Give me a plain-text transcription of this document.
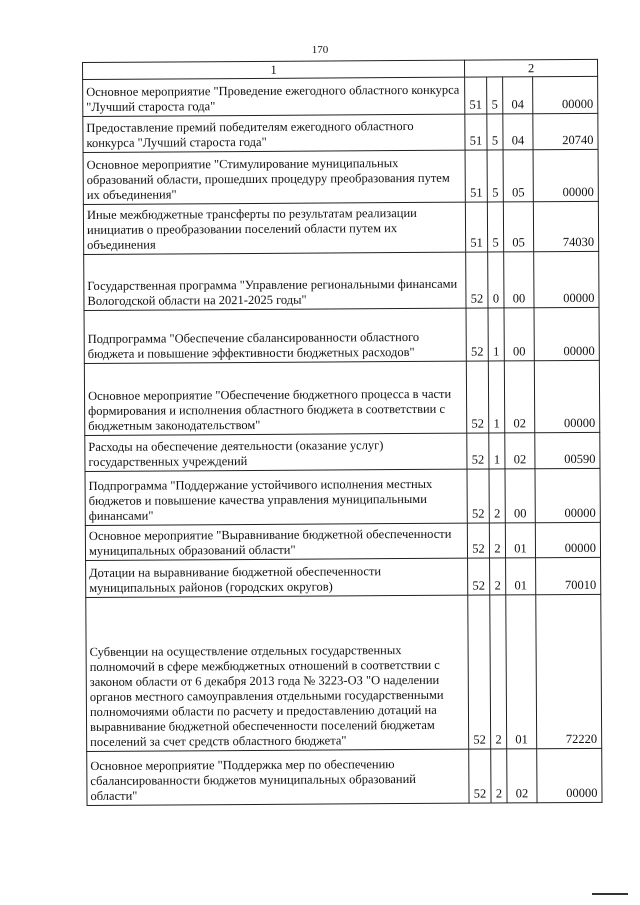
170
1	2			
Основное мероприятие "Проведение ежегодного областного конкурса "Лучший староста года"	51	5	04	00000
Предоставление премий победителям ежегодного областного конкурса "Лучший староста года"	51	5	04	20740
Основное мероприятие "Стимулирование муниципальных образований области, прошедших процедуру преобразования путем их объединения"	51	5	05	00000
Иные межбюджетные трансферты по результатам реализации инициатив о преобразовании поселений области путем их объединения	51	5	05	74030
Государственная программа "Управление региональными финансами Вологодской области на 2021-2025 годы"	52	0	00	00000
Подпрограмма "Обеспечение сбалансированности областного бюджета и повышение эффективности бюджетных расходов"	52	1	00	00000
Основное мероприятие "Обеспечение бюджетного процесса в части формирования и исполнения областного бюджета в соответствии с бюджетным законодательством"	52	1	02	00000
Расходы на обеспечение деятельности (оказание услуг) государственных учреждений	52	1	02	00590
Подпрограмма "Поддержание устойчивого исполнения местных бюджетов и повышение качества управления муниципальными финансами"	52	2	00	00000
Основное мероприятие "Выравнивание бюджетной обеспеченности муниципальных образований области"	52	2	01	00000
Дотации на выравнивание бюджетной обеспеченности муниципальных районов (городских округов)	52	2	01	70010
Субвенции на осуществление отдельных государственных полномочий в сфере межбюджетных отношений в соответствии с законом области от 6 декабря 2013 года № 3223-ОЗ "О наделении органов местного самоуправления отдельными государственными полномочиями области по расчету и предоставлению дотаций на выравнивание бюджетной обеспеченности поселений бюджетам поселений за счет средств областного бюджета"	52	2	01	72220
Основное мероприятие "Поддержка мер по обеспечению сбалансированности бюджетов муниципальных образований области"	52	2	02	00000
